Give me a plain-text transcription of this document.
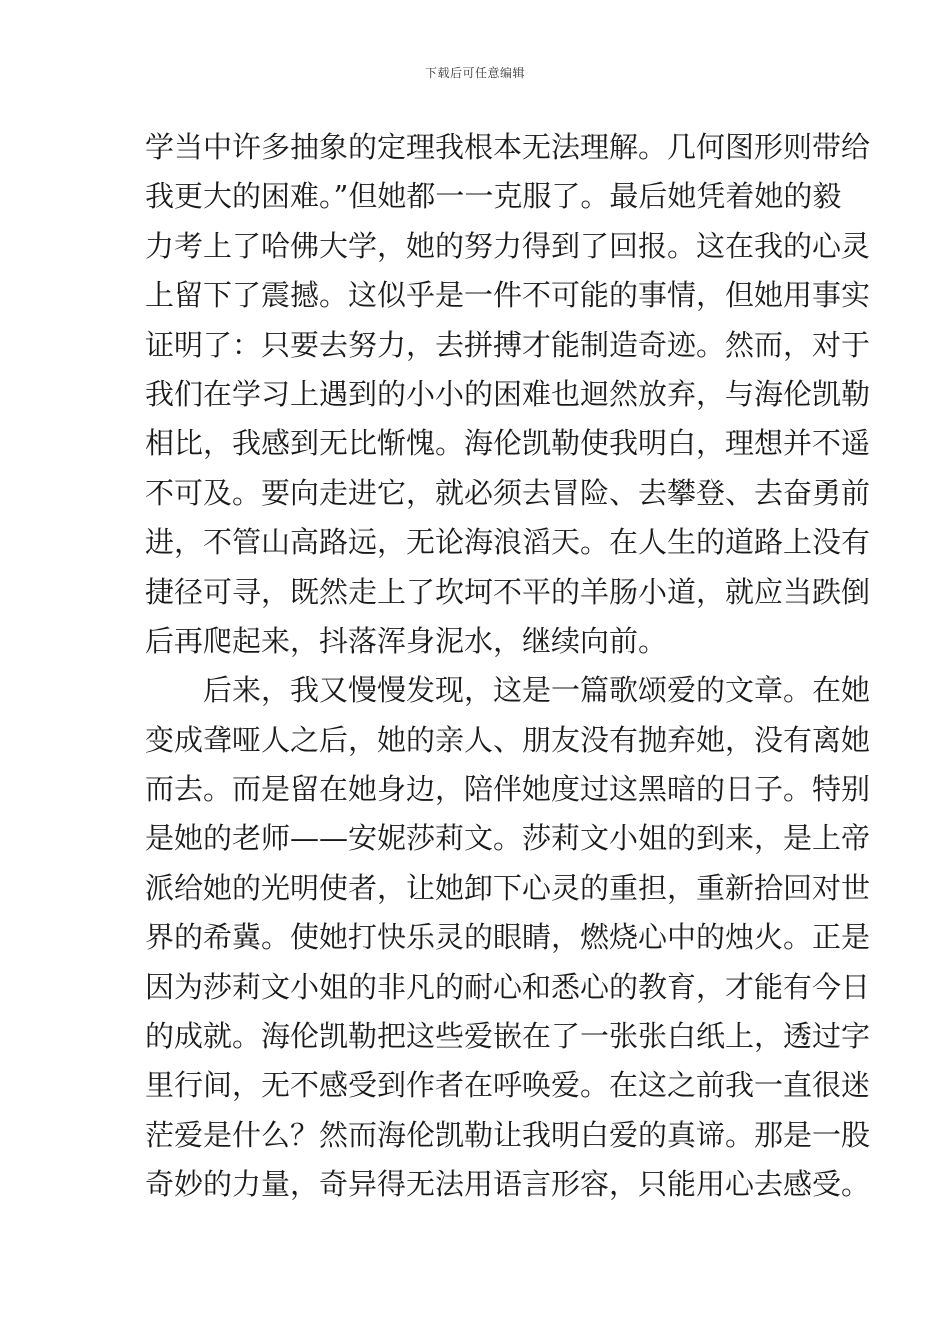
下载后可任意编辑
学当中许多抽象的定理我根本无法理解。几何图形则带给
我更大的困难。”但她都一一克服了。最后她凭着她的毅
力考上了哈佛大学，她的努力得到了回报。这在我的心灵
上留下了震撼。这似乎是一件不可能的事情，但她用事实
证明了：只要去努力，去拼搏才能制造奇迹。然而，对于
我们在学习上遇到的小小的困难也迴然放弃，与海伦凯勒
相比，我感到无比惭愧。海伦凯勒使我明白，理想并不遥
不可及。要向走进它，就必须去冒险、去攀登、去奋勇前
进，不管山高路远，无论海浪滔天。在人生的道路上没有
捷径可寻，既然走上了坎坷不平的羊肠小道，就应当跌倒
后再爬起来，抖落浑身泥水，继续向前。
后来，我又慢慢发现，这是一篇歌颂爱的文章。在她
变成聋哑人之后，她的亲人、朋友没有抛弃她，没有离她
而去。而是留在她身边，陪伴她度过这黑暗的日子。特别
是她的老师——安妮莎莉文。莎莉文小姐的到来，是上帝
派给她的光明使者，让她卸下心灵的重担，重新拾回对世
界的希冀。使她打快乐灵的眼睛，燃烧心中的烛火。正是
因为莎莉文小姐的非凡的耐心和悉心的教育，才能有今日
的成就。海伦凯勒把这些爱嵌在了一张张白纸上，透过字
里行间，无不感受到作者在呼唤爱。在这之前我一直很迷
茫爱是什么？然而海伦凯勒让我明白爱的真谛。那是一股
奇妙的力量，奇异得无法用语言形容，只能用心去感受。
